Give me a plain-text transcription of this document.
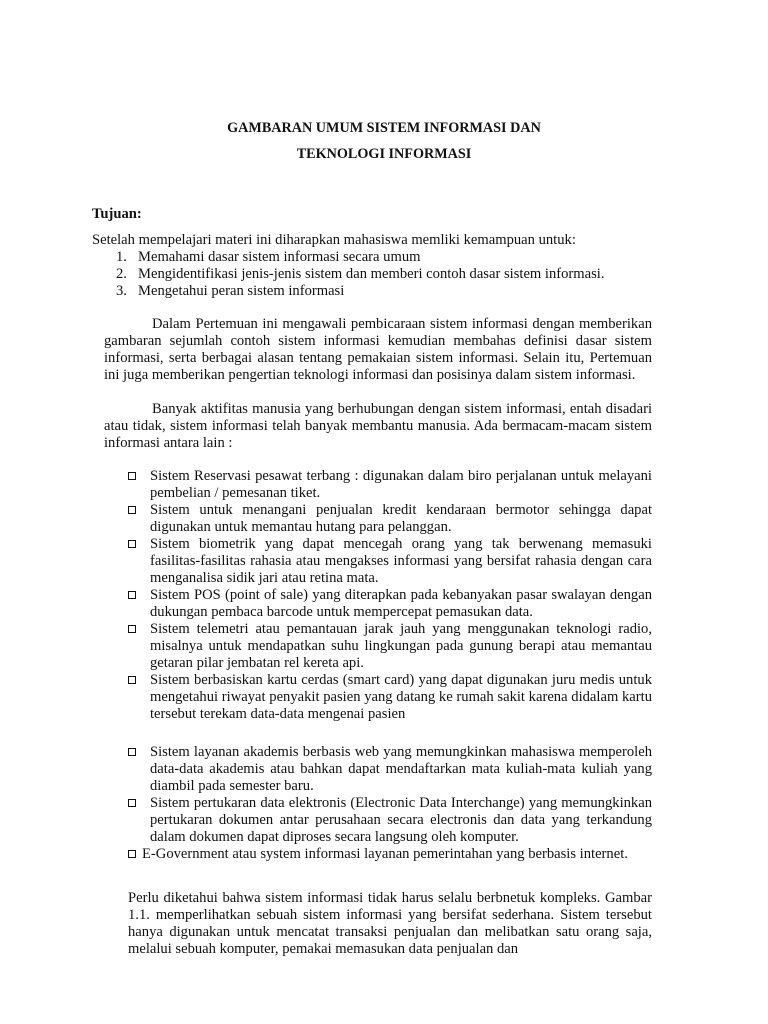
GAMBARAN UMUM SISTEM INFORMASI DAN
TEKNOLOGI INFORMASI
Tujuan:
Setelah mempelajari materi ini diharapkan mahasiswa memliki kemampuan untuk:
1. Memahami dasar sistem informasi secara umum
2. Mengidentifikasi jenis-jenis sistem dan memberi contoh dasar sistem informasi.
3. Mengetahui peran sistem informasi

Dalam Pertemuan ini mengawali pembicaraan sistem informasi dengan memberikan gambaran sejumlah contoh sistem informasi kemudian membahas definisi dasar sistem informasi, serta berbagai alasan tentang pemakaian sistem informasi. Selain itu, Pertemuan ini juga memberikan pengertian teknologi informasi dan posisinya dalam sistem informasi.

Banyak aktifitas manusia yang berhubungan dengan sistem informasi, entah disadari atau tidak, sistem informasi telah banyak membantu manusia. Ada bermacam-macam sistem informasi antara lain :

Sistem Reservasi pesawat terbang : digunakan dalam biro perjalanan untuk melayani pembelian / pemesanan tiket.
Sistem untuk menangani penjualan kredit kendaraan bermotor sehingga dapat digunakan untuk memantau hutang para pelanggan.
Sistem biometrik yang dapat mencegah orang yang tak berwenang memasuki fasilitas-fasilitas rahasia atau mengakses informasi yang bersifat rahasia dengan cara menganalisa sidik jari atau retina mata.
Sistem POS (point of sale) yang diterapkan pada kebanyakan pasar swalayan dengan dukungan pembaca barcode untuk mempercepat pemasukan data.
Sistem telemetri atau pemantauan jarak jauh yang menggunakan teknologi radio, misalnya untuk mendapatkan suhu lingkungan pada gunung berapi atau memantau getaran pilar jembatan rel kereta api.
Sistem berbasiskan kartu cerdas (smart card) yang dapat digunakan juru medis untuk mengetahui riwayat penyakit pasien yang datang ke rumah sakit karena didalam kartu tersebut terekam data-data mengenai pasien
Sistem layanan akademis berbasis web yang memungkinkan mahasiswa memperoleh data-data akademis atau bahkan dapat mendaftarkan mata kuliah-mata kuliah yang diambil pada semester baru.
Sistem pertukaran data elektronis (Electronic Data Interchange) yang memungkinkan pertukaran dokumen antar perusahaan secara electronis dan data yang terkandung dalam dokumen dapat diproses secara langsung oleh komputer.
E-Government atau system informasi layanan pemerintahan yang berbasis internet.

Perlu diketahui bahwa sistem informasi tidak harus selalu berbnetuk kompleks. Gambar 1.1. memperlihatkan sebuah sistem informasi yang bersifat sederhana. Sistem tersebut hanya digunakan untuk mencatat transaksi penjualan dan melibatkan satu orang saja, melalui sebuah komputer, pemakai memasukan data penjualan dan
